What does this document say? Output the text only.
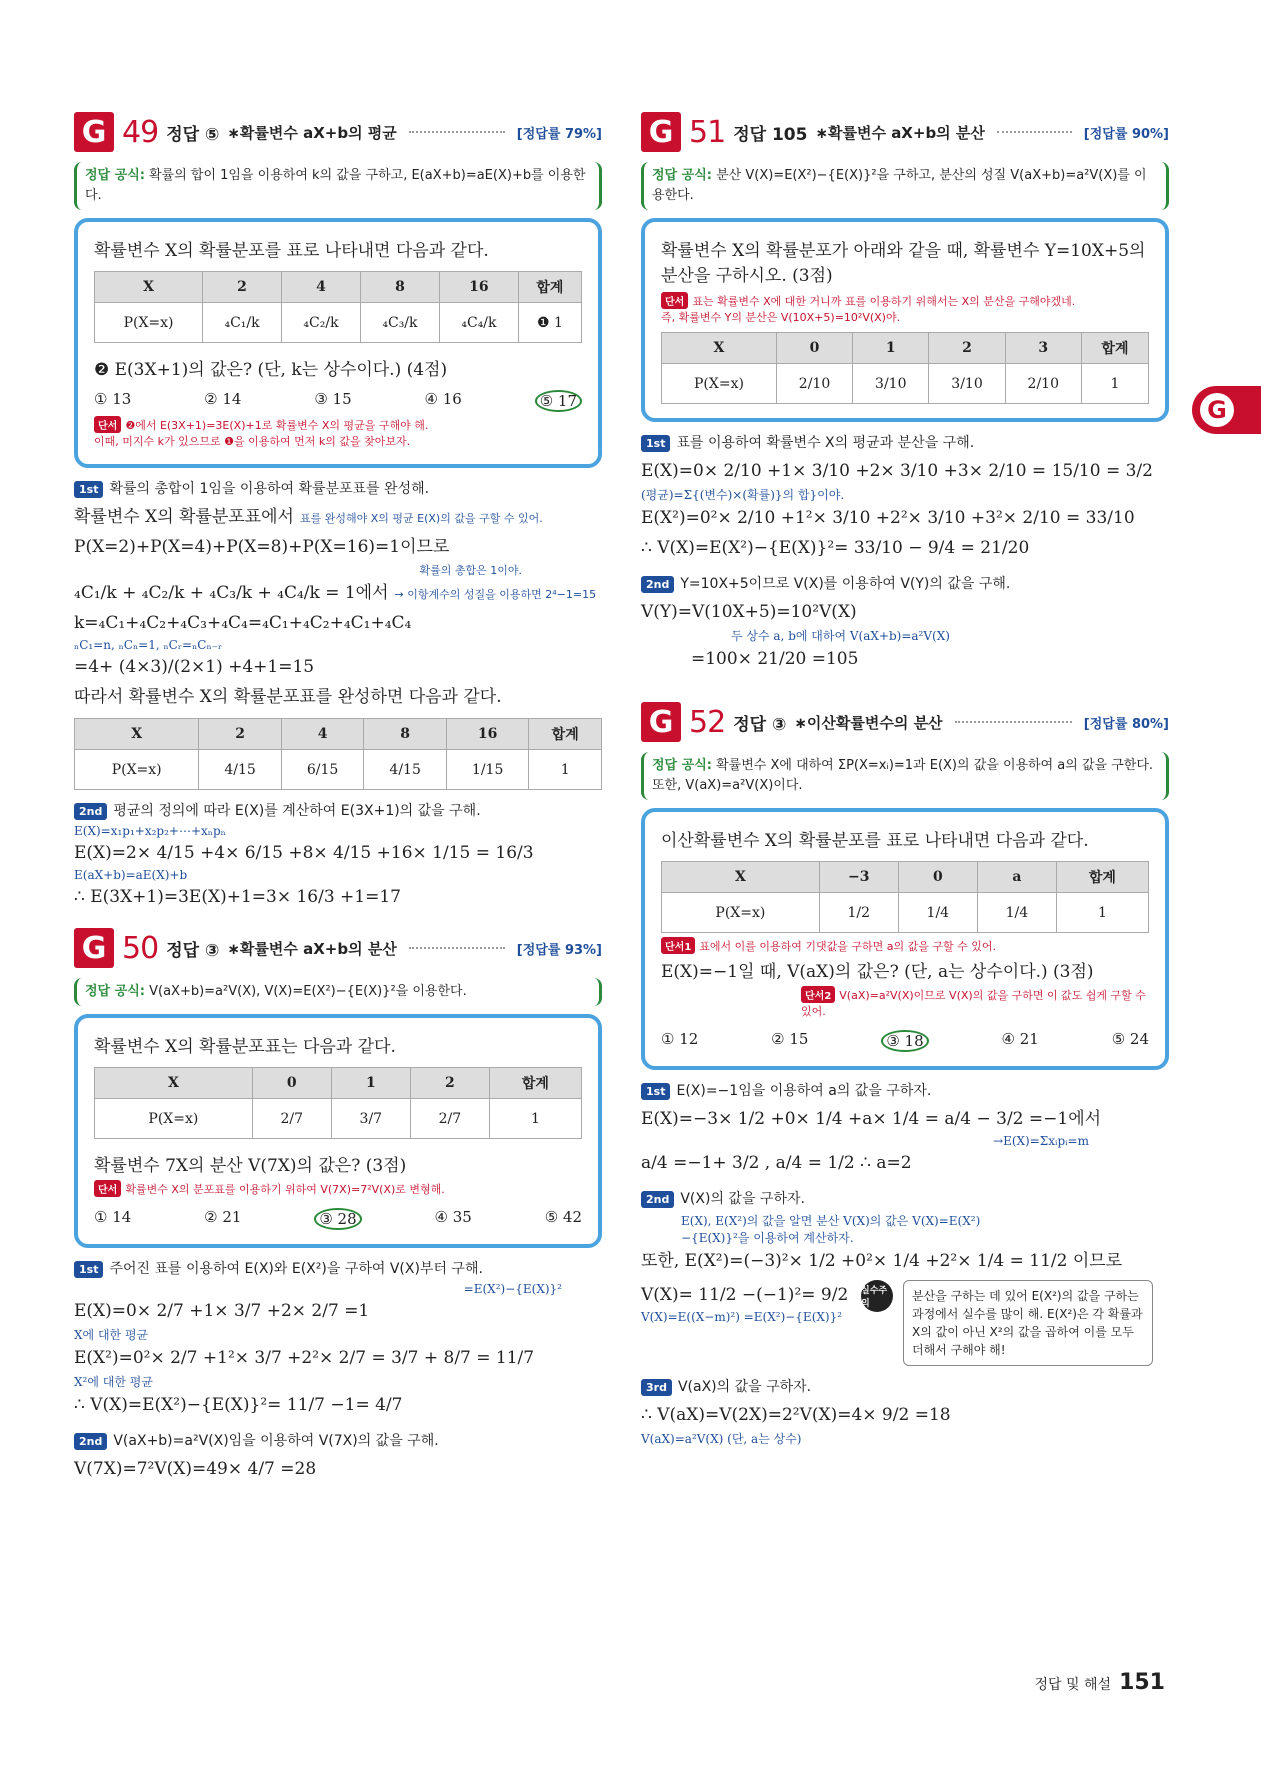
G 49 정답 ⑤ ∗확률변수 aX+b의 평균	[정답률 79%]
정답 공식: 확률의 합이 1임을 이용하여 k의 값을 구하고, E(aX+b)=aE(X)+b를 이용한다.
확률변수 X의 확률분포를 표로 나타내면 다음과 같다.
X	2	4	8	16	합계
P(X=x)	₄C₁/k	₄C₂/k	₄C₃/k	₄C₄/k	❶ 1
❷ E(3X+1)의 값은? (단, k는 상수이다.) (4점)
① 13	② 14	③ 15	④ 16	⑤ 17
단서 ❷에서 E(3X+1)=3E(X)+1로 확률변수 X의 평균을 구해야 해.
이때, 미지수 k가 있으므로 ❶을 이용하여 먼저 k의 값을 찾아보자.
1st 확률의 총합이 1임을 이용하여 확률분포표를 완성해.
확률변수 X의 확률분포표에서 표를 완성해야 X의 평균 E(X)의 값을 구할 수 있어.
P(X=2)+P(X=4)+P(X=8)+P(X=16)=1이므로
확률의 총합은 1이야.
₄C₁/k + ₄C₂/k + ₄C₃/k + ₄C₄/k = 1에서 → 이항계수의 성질을 이용하면 2⁴−1=15
k=₄C₁+₄C₂+₄C₃+₄C₄=₄C₁+₄C₂+₄C₁+₄C₄
ₙC₁=n, ₙCₙ=1, ₙCᵣ=ₙCₙ₋ᵣ
=4+ (4×3)/(2×1) +4+1=15
따라서 확률변수 X의 확률분포표를 완성하면 다음과 같다.
X	2	4	8	16	합계
P(X=x)	4/15	6/15	4/15	1/15	1
2nd 평균의 정의에 따라 E(X)를 계산하여 E(3X+1)의 값을 구해.
E(X)=x₁p₁+x₂p₂+⋯+xₙpₙ
E(X)=2× 4/15 +4× 6/15 +8× 4/15 +16× 1/15 = 16/3
E(aX+b)=aE(X)+b
∴ E(3X+1)=3E(X)+1=3× 16/3 +1=17
G 50 정답 ③ ∗확률변수 aX+b의 분산	[정답률 93%]
정답 공식: V(aX+b)=a²V(X), V(X)=E(X²)−{E(X)}²을 이용한다.
확률변수 X의 확률분포표는 다음과 같다.
X	0	1	2	합계
P(X=x)	2/7	3/7	2/7	1
확률변수 7X의 분산 V(7X)의 값은? (3점)
단서 확률변수 X의 분포표를 이용하기 위하여 V(7X)=7²V(X)로 변형해.
① 14	② 21	③ 28	④ 35	⑤ 42
1st 주어진 표를 이용하여 E(X)와 E(X²)을 구하여 V(X)부터 구해.
=E(X²)−{E(X)}²
E(X)=0× 2/7 +1× 3/7 +2× 2/7 =1
X에 대한 평균
E(X²)=0²× 2/7 +1²× 3/7 +2²× 2/7 = 3/7 + 8/7 = 11/7
X²에 대한 평균
∴ V(X)=E(X²)−{E(X)}²= 11/7 −1= 4/7
2nd V(aX+b)=a²V(X)임을 이용하여 V(7X)의 값을 구해.
V(7X)=7²V(X)=49× 4/7 =28
G 51 정답 105 ∗확률변수 aX+b의 분산	[정답률 90%]
정답 공식: 분산 V(X)=E(X²)−{E(X)}²을 구하고, 분산의 성질 V(aX+b)=a²V(X)를 이용한다.
확률변수 X의 확률분포가 아래와 같을 때, 확률변수 Y=10X+5의 분산을 구하시오. (3점)
단서 표는 확률변수 X에 대한 거니까 표를 이용하기 위해서는 X의 분산을 구해야겠네.
즉, 확률변수 Y의 분산은 V(10X+5)=10²V(X)야.
X	0	1	2	3	합계
P(X=x)	2/10	3/10	3/10	2/10	1
1st 표를 이용하여 확률변수 X의 평균과 분산을 구해.
E(X)=0× 2/10 +1× 3/10 +2× 3/10 +3× 2/10 = 15/10 = 3/2
(평균)=Σ{(변수)×(확률)}의 합}이야.
E(X²)=0²× 2/10 +1²× 3/10 +2²× 3/10 +3²× 2/10 = 33/10
∴ V(X)=E(X²)−{E(X)}²= 33/10 − 9/4 = 21/20
2nd Y=10X+5이므로 V(X)를 이용하여 V(Y)의 값을 구해.
V(Y)=V(10X+5)=10²V(X)
두 상수 a, b에 대하여 V(aX+b)=a²V(X)
=100× 21/20 =105
G 52 정답 ③ ∗이산확률변수의 분산	[정답률 80%]
정답 공식: 확률변수 X에 대하여 ΣP(X=xᵢ)=1과 E(X)의 값을 이용하여 a의 값을 구한다. 또한, V(aX)=a²V(X)이다.
이산확률변수 X의 확률분포를 표로 나타내면 다음과 같다.
X	−3	0	a	합계
P(X=x)	1/2	1/4	1/4	1
단서1 표에서 이를 이용하여 기댓값을 구하면 a의 값을 구할 수 있어.
E(X)=−1일 때, V(aX)의 값은? (단, a는 상수이다.) (3점)
단서2 V(aX)=a²V(X)이므로 V(X)의 값을 구하면 이 값도 쉽게 구할 수 있어.
① 12	② 15	③ 18	④ 21	⑤ 24
1st E(X)=−1임을 이용하여 a의 값을 구하자.
E(X)=−3× 1/2 +0× 1/4 +a× 1/4 = a/4 − 3/2 =−1에서
→E(X)=Σxᵢpᵢ=m
a/4 =−1+ 3/2 , a/4 = 1/2 ∴ a=2
2nd V(X)의 값을 구하자.
E(X), E(X²)의 값을 알면 분산 V(X)의 값은 V(X)=E(X²)−{E(X)}²을 이용하여 계산하자.
또한, E(X²)=(−3)²× 1/2 +0²× 1/4 +2²× 1/4 = 11/2 이므로
V(X)= 11/2 −(−1)²= 9/2
V(X)=E((X−m)²) =E(X²)−{E(X)}²
실수주의
분산을 구하는 데 있어 E(X²)의 값을 구하는 과정에서 실수를 많이 해. E(X²)은 각 확률과 X의 값이 아닌 X²의 값을 곱하여 이를 모두 더해서 구해야 해!
3rd V(aX)의 값을 구하자.
∴ V(aX)=V(2X)=2²V(X)=4× 9/2 =18
V(aX)=a²V(X) (단, a는 상수)
G
정답 및 해설 151
